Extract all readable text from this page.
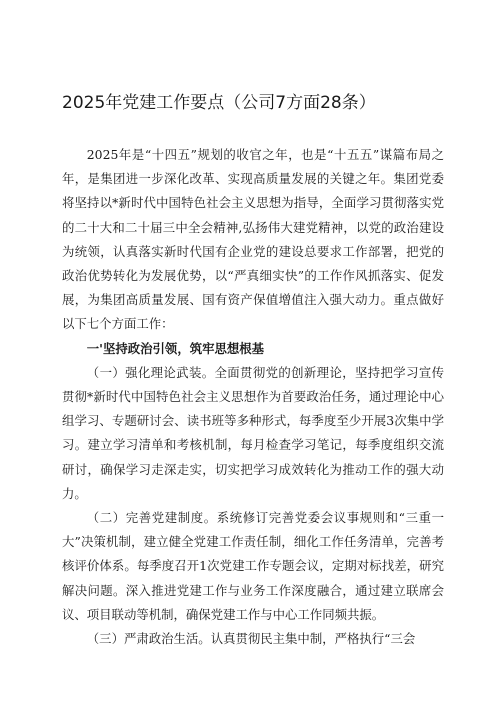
2025年党建工作要点（公司7方面28条）

2025年是“十四五”规划的收官之年，也是“十五五”谋篇布局之年，是集团进一步深化改革、实现高质量发展的关键之年。集团党委将坚持以*新时代中国特色社会主义思想为指导，全面学习贯彻落实党的二十大和二十届三中全会精神,弘扬伟大建党精神，以党的政治建设为统领，认真落实新时代国有企业党的建设总要求工作部署，把党的政治优势转化为发展优势，以“严真细实快”的工作作风抓落实、促发展，为集团高质量发展、国有资产保值增值注入强大动力。重点做好以下七个方面工作：

一'坚持政治引领，筑牢思想根基

（一）强化理论武装。全面贯彻党的创新理论，坚持把学习宣传贯彻*新时代中国特色社会主义思想作为首要政治任务，通过理论中心组学习、专题研讨会、读书班等多种形式，每季度至少开展3次集中学习。建立学习清单和考核机制，每月检查学习笔记，每季度组织交流研讨，确保学习走深走实，切实把学习成效转化为推动工作的强大动力。

（二）完善党建制度。系统修订完善党委会议事规则和“三重一大”决策机制，建立健全党建工作责任制，细化工作任务清单，完善考核评价体系。每季度召开1次党建工作专题会议，定期对标找差，研究解决问题。深入推进党建工作与业务工作深度融合，通过建立联席会议、项目联动等机制，确保党建工作与中心工作同频共振。

（三）严肃政治生活。认真贯彻民主集中制，严格执行“三会
